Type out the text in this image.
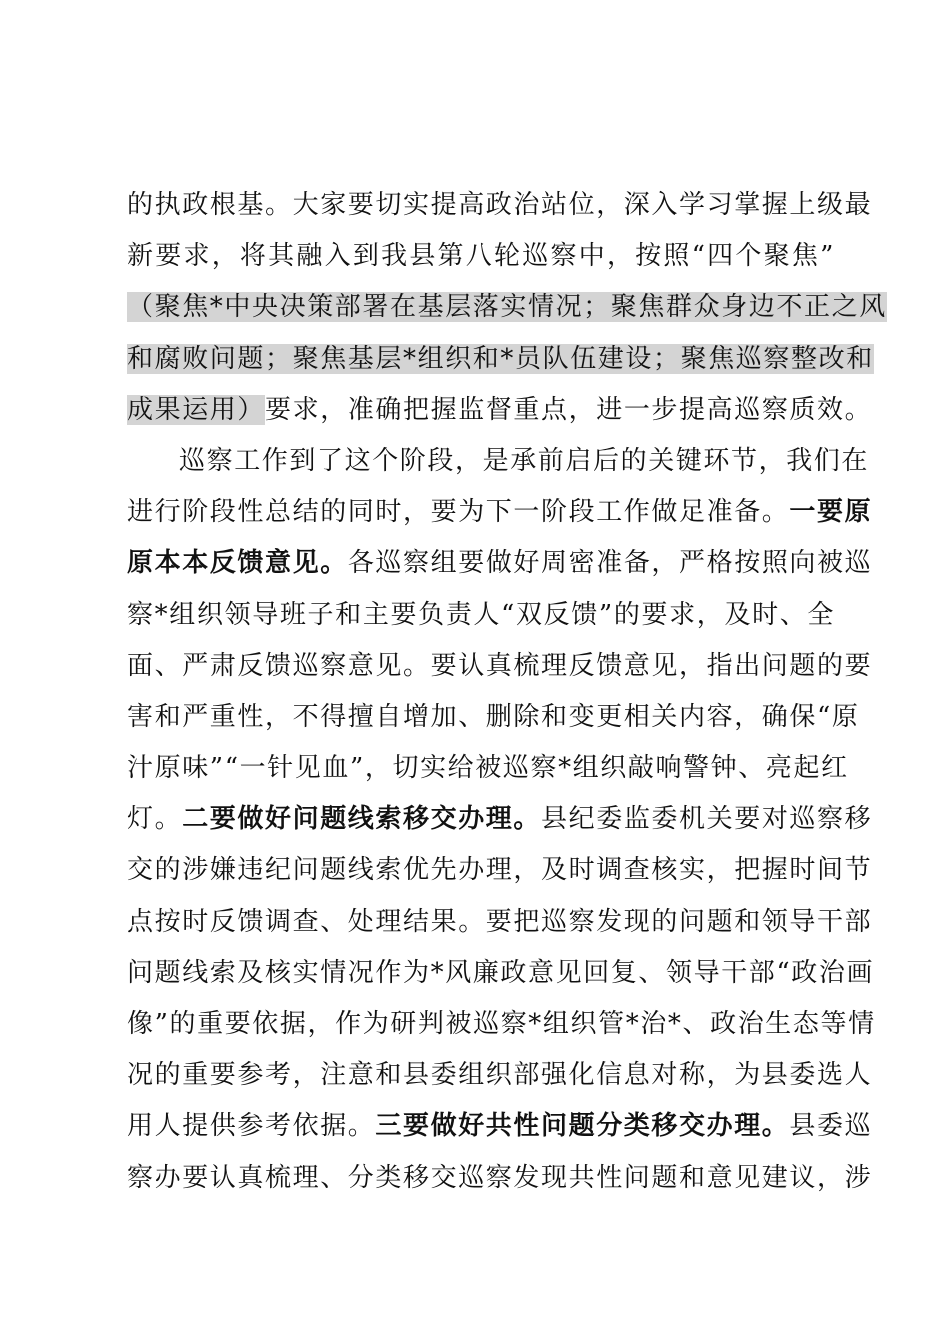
的执政根基。大家要切实提高政治站位，深入学习掌握上级最
新要求，将其融入到我县第八轮巡察中，按照“四个聚焦”
（聚焦*中央决策部署在基层落实情况；聚焦群众身边不正之风
和腐败问题；聚焦基层*组织和*员队伍建设；聚焦巡察整改和
成果运用）要求，准确把握监督重点，进一步提高巡察质效。
巡察工作到了这个阶段，是承前启后的关键环节，我们在
进行阶段性总结的同时，要为下一阶段工作做足准备。一要原
原本本反馈意见。各巡察组要做好周密准备，严格按照向被巡
察*组织领导班子和主要负责人“双反馈”的要求，及时、全
面、严肃反馈巡察意见。要认真梳理反馈意见，指出问题的要
害和严重性，不得擅自增加、删除和变更相关内容，确保“原
汁原味”“一针见血”，切实给被巡察*组织敲响警钟、亮起红
灯。二要做好问题线索移交办理。县纪委监委机关要对巡察移
交的涉嫌违纪问题线索优先办理，及时调查核实，把握时间节
点按时反馈调查、处理结果。要把巡察发现的问题和领导干部
问题线索及核实情况作为*风廉政意见回复、领导干部“政治画
像”的重要依据，作为研判被巡察*组织管*治*、政治生态等情
况的重要参考，注意和县委组织部强化信息对称，为县委选人
用人提供参考依据。三要做好共性问题分类移交办理。县委巡
察办要认真梳理、分类移交巡察发现共性问题和意见建议，涉
